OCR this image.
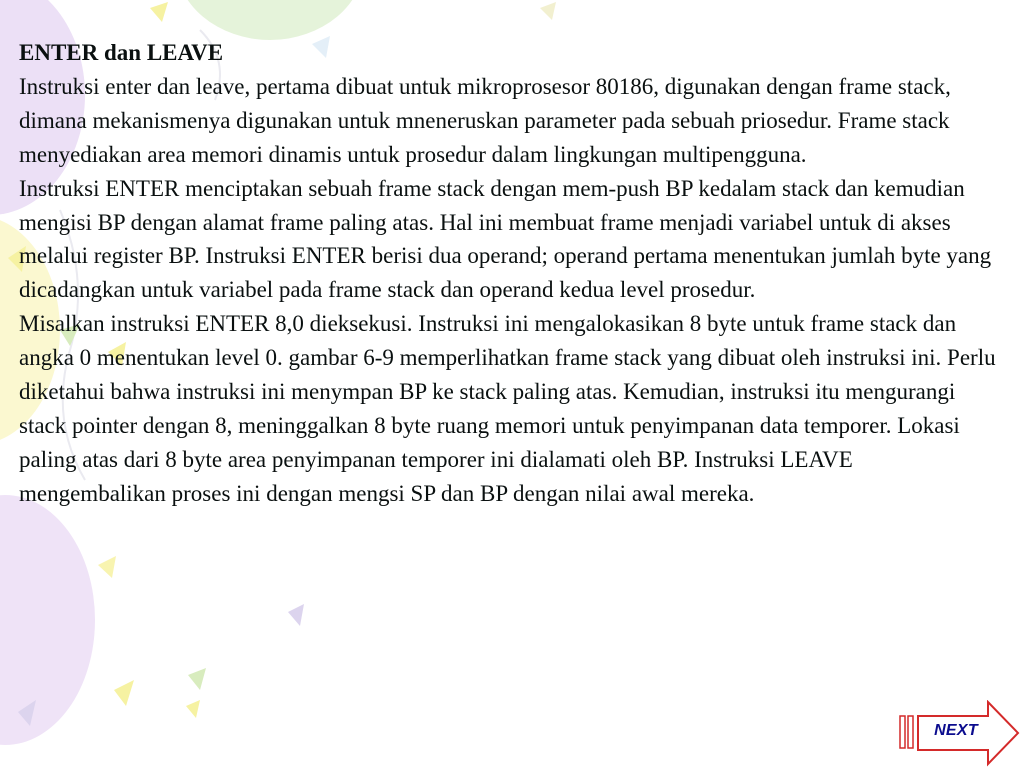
ENTER dan LEAVE

Instruksi enter dan leave, pertama dibuat untuk mikroprosesor 80186, digunakan dengan frame stack, dimana mekanismenya digunakan untuk mneneruskan parameter pada sebuah priosedur. Frame stack menyediakan area memori dinamis untuk prosedur dalam lingkungan multipengguna.

Instruksi ENTER menciptakan sebuah frame stack dengan mem-push BP kedalam stack dan kemudian mengisi BP dengan alamat frame paling atas. Hal ini membuat frame menjadi variabel untuk di akses melalui register BP. Instruksi ENTER berisi dua operand; operand pertama menentukan jumlah byte yang dicadangkan untuk variabel pada frame stack dan operand kedua level prosedur.

Misalkan instruksi ENTER 8,0 dieksekusi. Instruksi ini mengalokasikan 8 byte untuk frame stack dan angka 0 menentukan level 0. gambar 6-9 memperlihatkan frame stack yang dibuat oleh instruksi ini. Perlu diketahui bahwa instruksi ini menympan BP ke stack paling atas. Kemudian, instruksi itu mengurangi stack pointer dengan 8, meninggalkan 8 byte ruang memori untuk penyimpanan data temporer. Lokasi paling atas dari 8 byte area penyimpanan temporer ini dialamati oleh BP. Instruksi LEAVE mengembalikan proses ini dengan mengsi SP dan BP dengan nilai awal mereka.

NEXT
